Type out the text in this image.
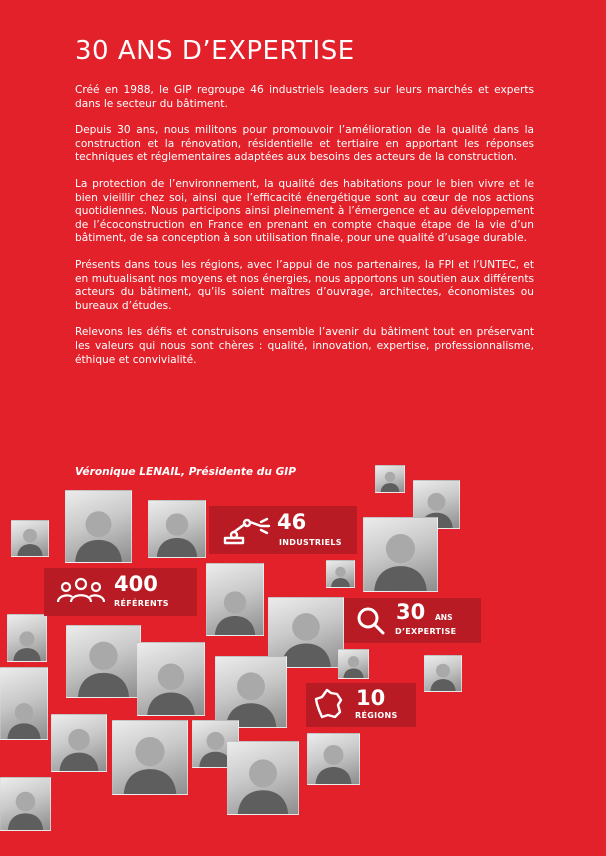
30 ANS D’EXPERTISE

Créé en 1988, le GIP regroupe 46 industriels leaders sur leurs marchés et experts dans le secteur du bâtiment.

Depuis 30 ans, nous militons pour promouvoir l’amélioration de la qualité dans la construction et la rénovation, résidentielle et tertiaire en apportant les réponses techniques et réglementaires adaptées aux besoins des acteurs de la construction.

La protection de l’environnement, la qualité des habitations pour le bien vivre et le bien vieillir chez soi, ainsi que l’efficacité énergétique sont au cœur de nos actions quotidiennes. Nous participons ainsi pleinement à l’émergence et au développement de l’écoconstruction en France en prenant en compte chaque étape de la vie d’un bâtiment, de sa conception à son utilisation finale, pour une qualité d’usage durable.

Présents dans tous les régions, avec l’appui de nos partenaires, la FPI et l’UNTEC, et en mutualisant nos moyens et nos énergies, nous apportons un soutien aux différents acteurs du bâtiment, qu’ils soient maîtres d’ouvrage, architectes, économistes ou bureaux d’études.

Relevons les défis et construisons ensemble l’avenir du bâtiment tout en préservant les valeurs qui nous sont chères : qualité, innovation, expertise, professionnalisme, éthique et convivialité.

Véronique LENAIL, Présidente du GIP
46
INDUSTRIELS
400
RÉFÉRENTS	30 ANS
D’EXPERTISE
10
RÉGIONS
